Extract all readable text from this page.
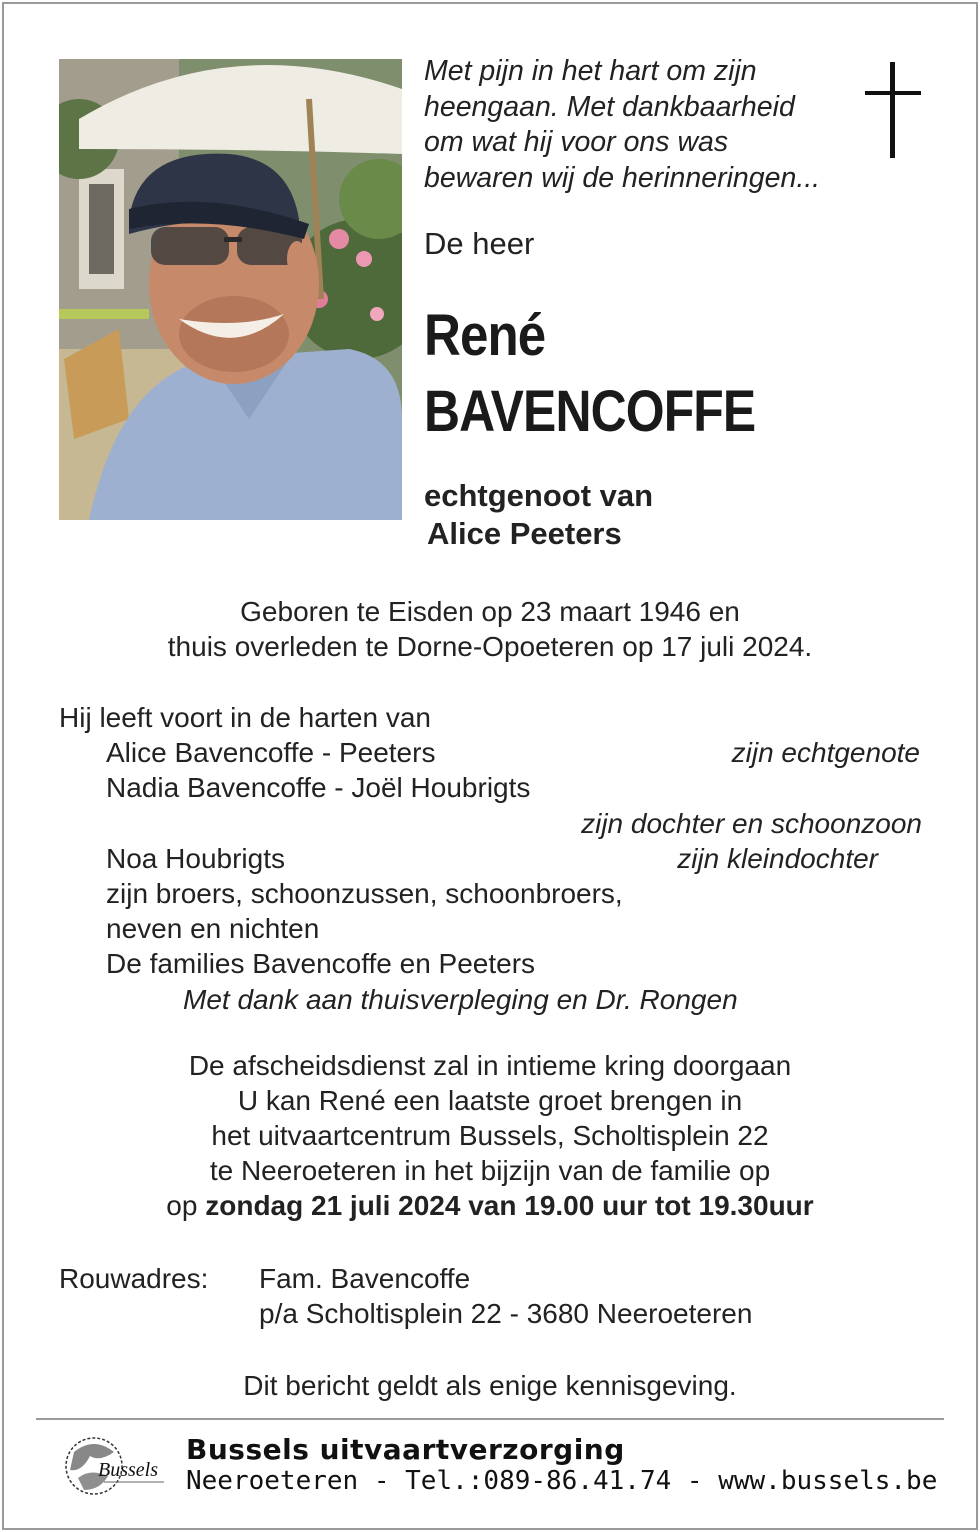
Met pijn in het hart om zijn
heengaan. Met dankbaarheid
om wat hij voor ons was
bewaren wij de herinneringen...
De heer
René
BAVENCOFFE
echtgenoot van
Alice Peeters
Geboren te Eisden op 23 maart 1946 en
thuis overleden te Dorne-Opoeteren op 17 juli 2024.
Hij leeft voort in de harten van
Alice Bavencoffe - Peeters	zijn echtgenote
Nadia Bavencoffe - Joël Houbrigts
zijn dochter en schoonzoon
Noa Houbrigts	zijn kleindochter
zijn broers, schoonzussen, schoonbroers,
neven en nichten
De families Bavencoffe en Peeters
Met dank aan thuisverpleging en Dr. Rongen
De afscheidsdienst zal in intieme kring doorgaan
U kan René een laatste groet brengen in
het uitvaartcentrum Bussels, Scholtisplein 22
te Neeroeteren in het bijzijn van de familie op
op zondag 21 juli 2024 van 19.00 uur tot 19.30uur
Rouwadres: Fam. Bavencoffe
p/a Scholtisplein 22 - 3680 Neeroeteren
Dit bericht geldt als enige kennisgeving.
Bussels
Bussels uitvaartverzorging
Neeroeteren - Tel.:089-86.41.74 - www.bussels.be
